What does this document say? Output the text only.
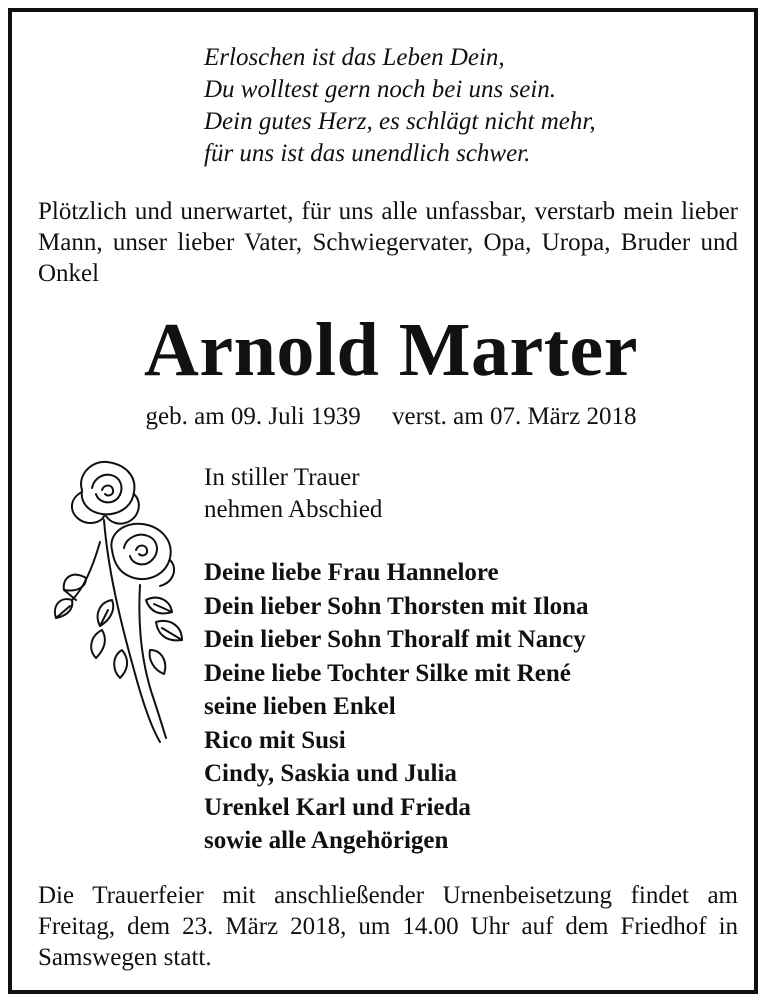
Erloschen ist das Leben Dein,
Du wolltest gern noch bei uns sein.
Dein gutes Herz, es schlägt nicht mehr,
für uns ist das unendlich schwer.
Plötzlich und unerwartet, für uns alle unfassbar, verstarb mein lieber Mann, unser lieber Vater, Schwiegervater, Opa, Uropa, Bruder und Onkel
Arnold Marter
geb. am 09. Juli 1939     verst. am 07. März 2018
In stiller Trauer
nehmen Abschied
Deine liebe Frau Hannelore
Dein lieber Sohn Thorsten mit Ilona
Dein lieber Sohn Thoralf mit Nancy
Deine liebe Tochter Silke mit René
seine lieben Enkel
Rico mit Susi
Cindy, Saskia und Julia
Urenkel Karl und Frieda
sowie alle Angehörigen
Die Trauerfeier mit anschließender Urnenbeisetzung findet am Freitag, dem 23. März 2018, um 14.00 Uhr auf dem Friedhof in Samswegen statt.
